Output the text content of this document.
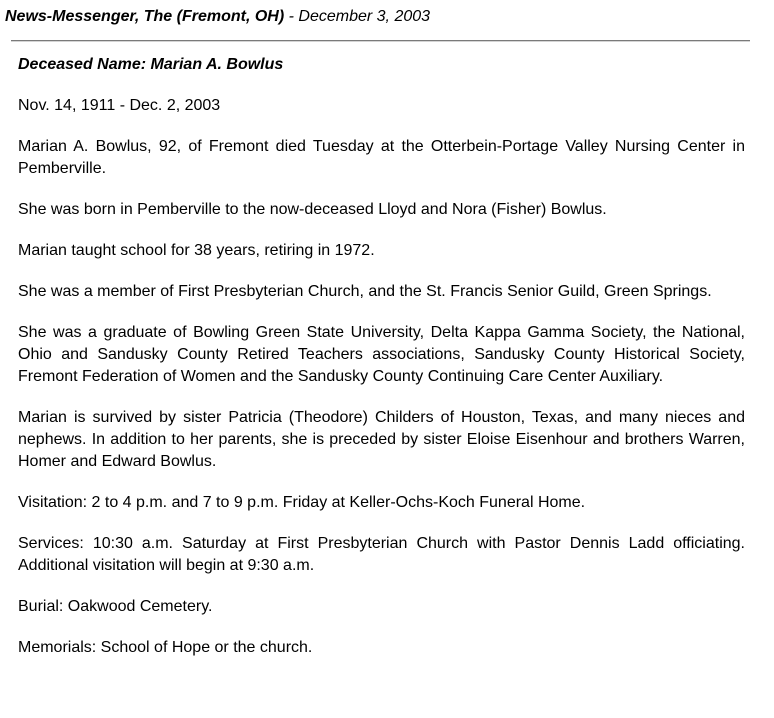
News-Messenger, The (Fremont, OH) - December 3, 2003
Deceased Name: Marian A. Bowlus
Nov. 14, 1911 - Dec. 2, 2003
Marian A. Bowlus, 92, of Fremont died Tuesday at the Otterbein-Portage Valley Nursing Center in Pemberville.
She was born in Pemberville to the now-deceased Lloyd and Nora (Fisher) Bowlus.
Marian taught school for 38 years, retiring in 1972.
She was a member of First Presbyterian Church, and the St. Francis Senior Guild, Green Springs.
She was a graduate of Bowling Green State University, Delta Kappa Gamma Society, the National, Ohio and Sandusky County Retired Teachers associations, Sandusky County Historical Society, Fremont Federation of Women and the Sandusky County Continuing Care Center Auxiliary.
Marian is survived by sister Patricia (Theodore) Childers of Houston, Texas, and many nieces and nephews. In addition to her parents, she is preceded by sister Eloise Eisenhour and brothers Warren, Homer and Edward Bowlus.
Visitation: 2 to 4 p.m. and 7 to 9 p.m. Friday at Keller-Ochs-Koch Funeral Home.
Services: 10:30 a.m. Saturday at First Presbyterian Church with Pastor Dennis Ladd officiating. Additional visitation will begin at 9:30 a.m.
Burial: Oakwood Cemetery.
Memorials: School of Hope or the church.
